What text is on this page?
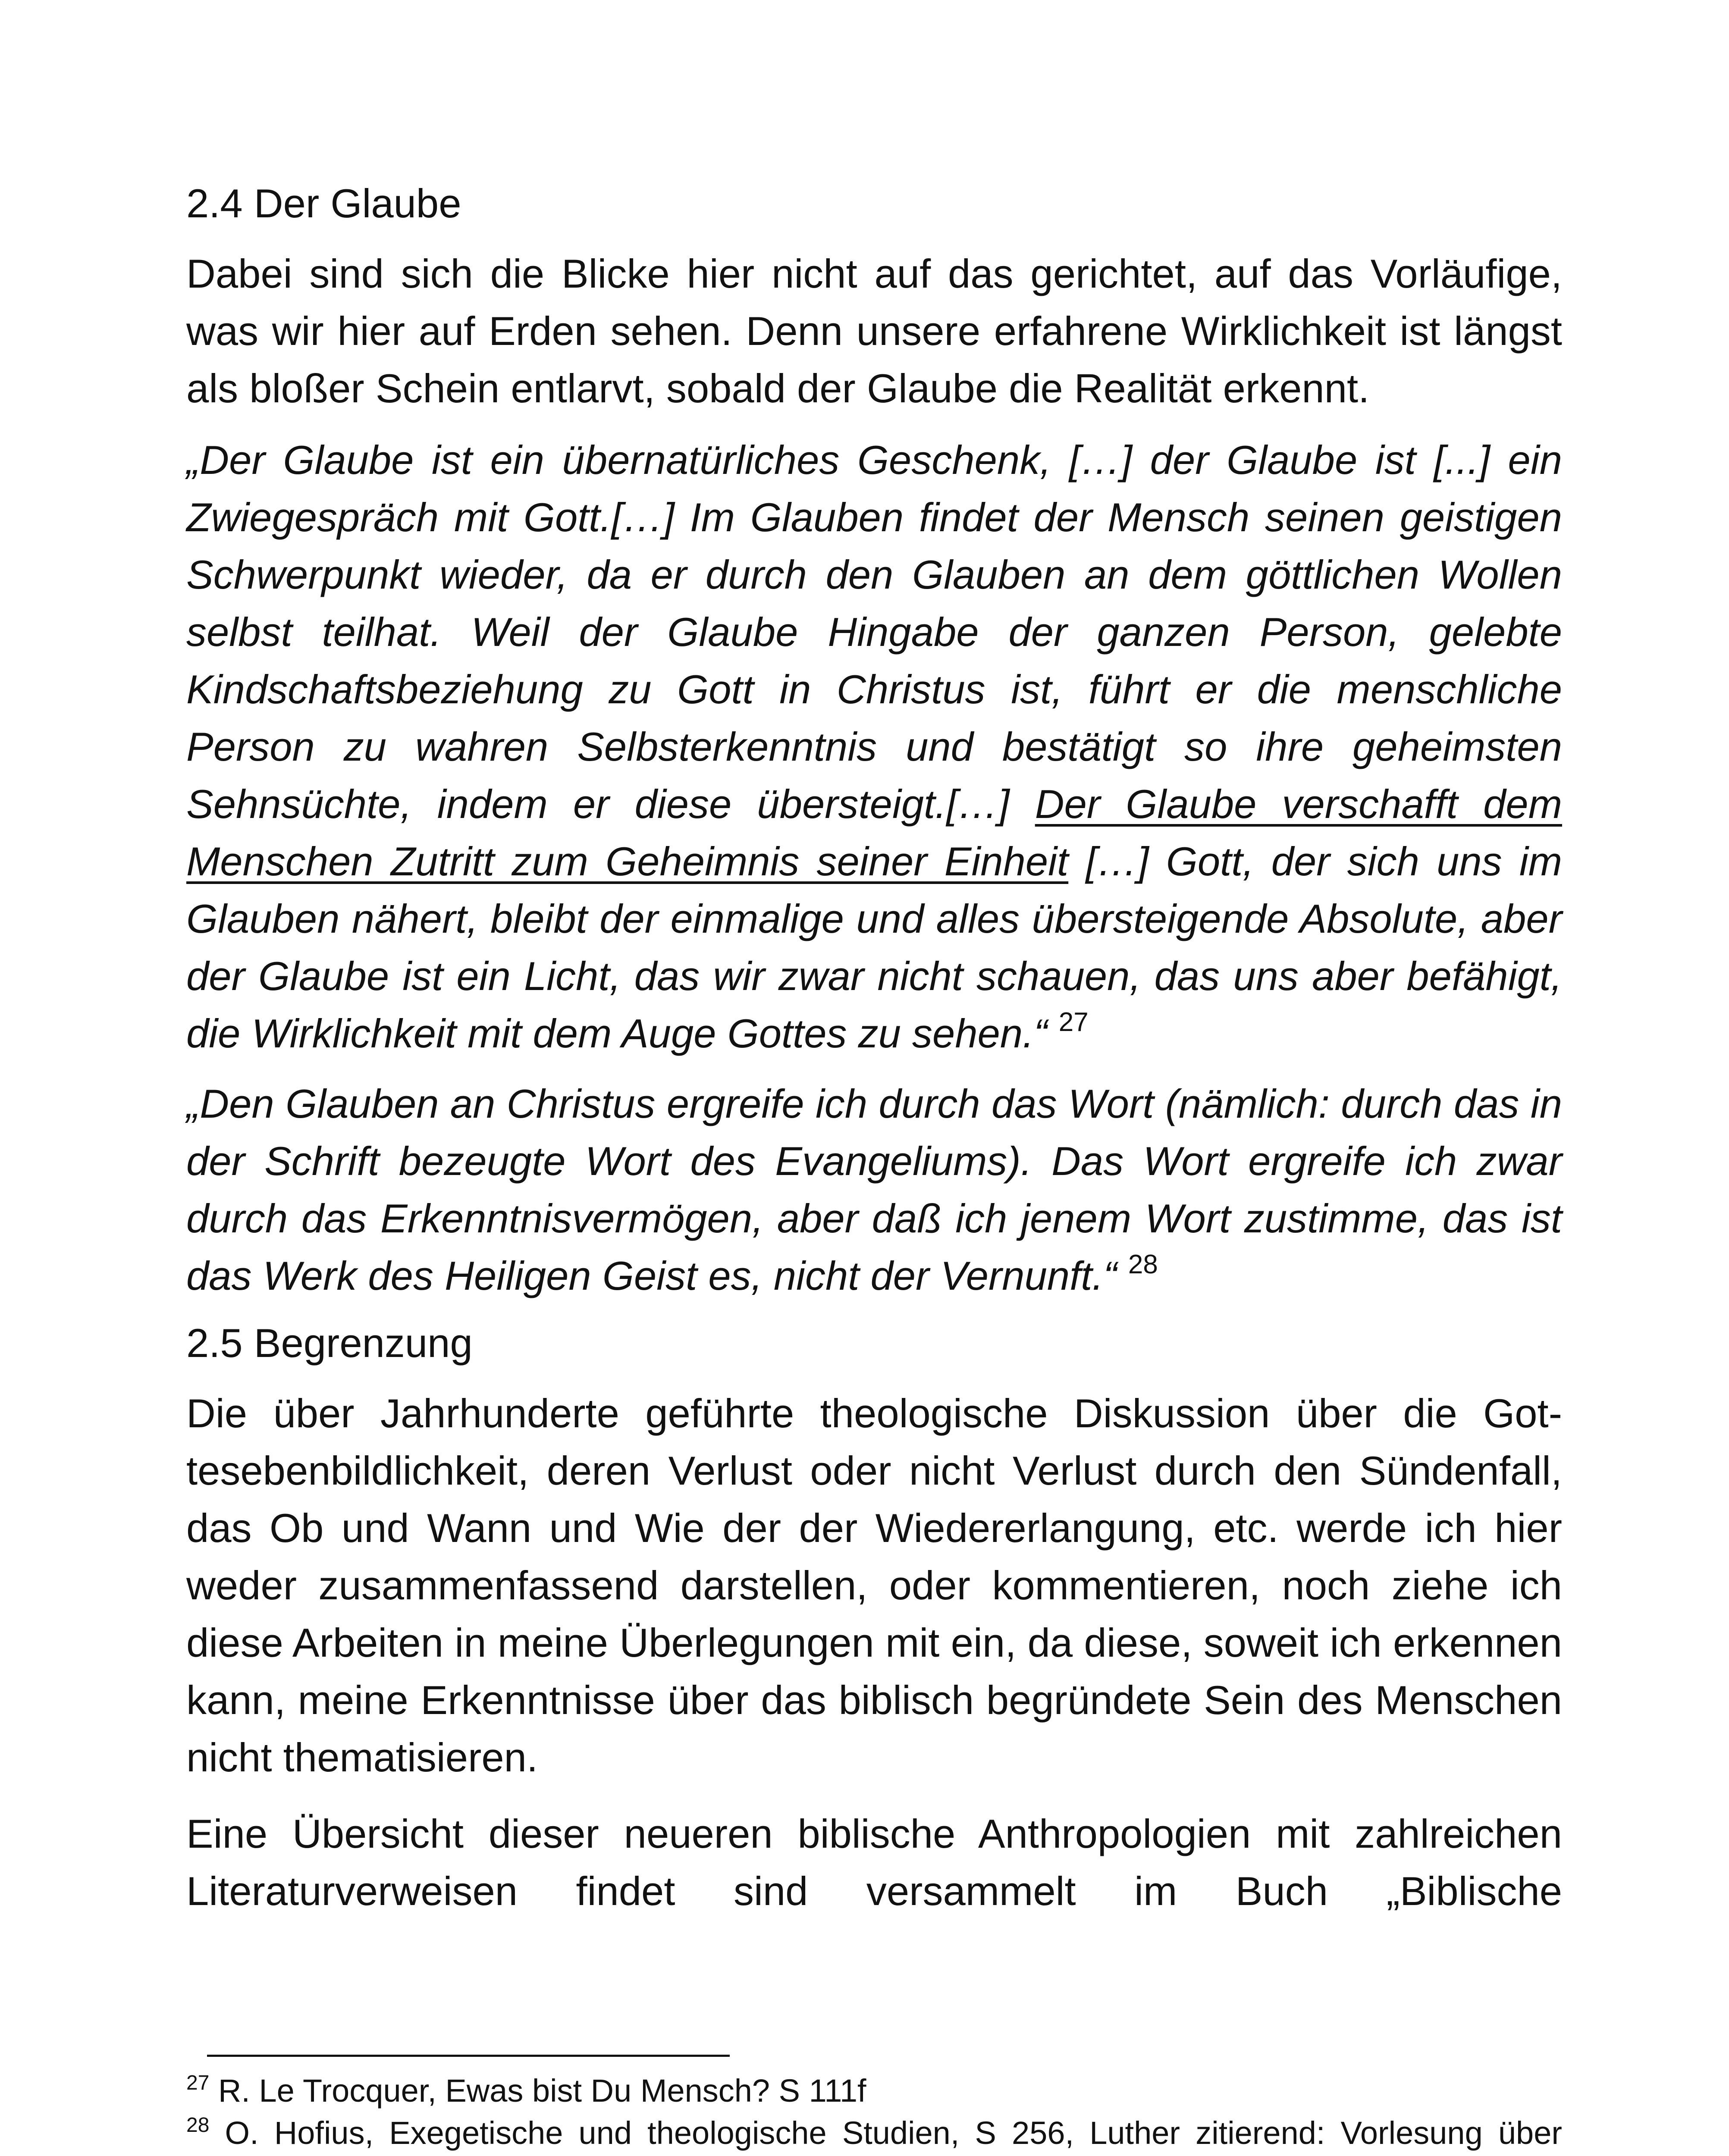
2.4 Der Glaube
Dabei sind sich die Blicke hier nicht auf das gerichtet, auf das Vorläufige, was wir hier auf Erden sehen. Denn unsere erfahrene Wirklichkeit ist längst als bloßer Schein entlarvt, sobald der Glaube die Realität erkennt.
„Der Glaube ist ein übernatürliches Geschenk, […] der Glaube ist [...] ein Zwiegespräch mit Gott.[…] Im Glauben findet der Mensch seinen geistigen Schwerpunkt wieder, da er durch den Glauben an dem göttlichen Wollen selbst teilhat. Weil der Glaube Hingabe der ganzen Person, gelebte Kindschaftsbeziehung zu Gott in Christus ist, führt er die menschliche Person zu wahren Selbsterkenntnis und bestätigt so ihre geheimsten Sehnsüchte, indem er diese übersteigt.[…] Der Glaube verschafft dem Menschen Zutritt zum Geheimnis seiner Einheit […] Gott, der sich uns im Glauben nähert, bleibt der einmalige und alles übersteigende Absolute, aber der Glaube ist ein Licht, das wir zwar nicht schauen, das uns aber befähigt, die Wirklichkeit mit dem Auge Gottes zu sehen.“ $^{27}$
„Den Glauben an Christus ergreife ich durch das Wort (nämlich: durch das in der Schrift bezeugte Wort des Evangeliums). Das Wort ergreife ich zwar durch das Erkenntnisvermögen, aber daß ich jenem Wort zustimme, das ist das Werk des Heiligen Geist es, nicht der Vernunft.“ $^{28}$
2.5 Begrenzung
Die über Jahrhunderte geführte theologische Diskussion über die Gottesebenbildlichkeit, deren Verlust oder nicht Verlust durch den Sündenfall, das Ob und Wann und Wie der der Wiedererlangung, etc. werde ich hier weder zusammenfassend darstellen, oder kommentieren, noch ziehe ich diese Arbeiten in meine Überlegungen mit ein, da diese, soweit ich erkennen kann, meine Erkenntnisse über das biblisch begründete Sein des Menschen nicht thematisieren.
Eine Übersicht dieser neueren biblische Anthropologien mit zahlreichen Literaturverweisen findet sind versammelt im Buch „Biblische
$^{27}$ R. Le Trocquer, Ewas bist Du Mensch? S 111f
$^{28}$ O. Hofius, Exegetische und theologische Studien, S 256, Luther zitierend: Vorlesung über
